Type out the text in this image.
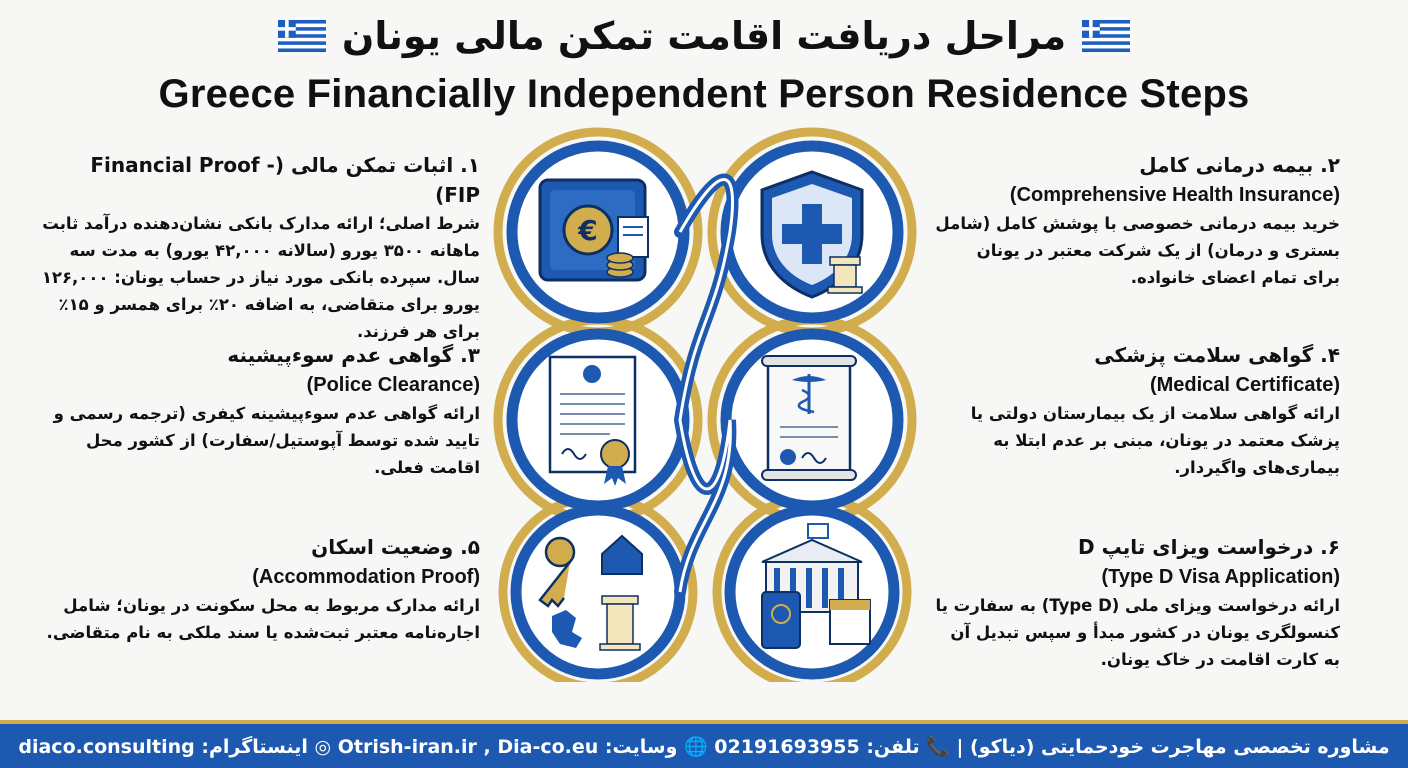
مراحل دریافت اقامت تمکن مالی یونان
Greece Financially Independent Person Residence Steps
۱. اثبات تمکن مالی (Financial Proof - FIP)
شرط اصلی؛ ارائه مدارک بانکی نشان‌دهنده درآمد ثابت ماهانه ۳۵۰۰ یورو (سالانه ۴۲,۰۰۰ یورو) به مدت سه سال. سپرده بانکی مورد نیاز در حساب یونان: ۱۲۶,۰۰۰ یورو برای متقاضی، به اضافه ۲۰٪ برای همسر و ۱۵٪ برای هر فرزند.
۳. گواهی عدم سوءپیشینه
(Police Clearance)
ارائه گواهی عدم سوءپیشینه کیفری (ترجمه رسمی و تایید شده توسط آپوستیل/سفارت) از کشور محل اقامت فعلی.
۵. وضعیت اسکان
(Accommodation Proof)
ارائه مدارک مربوط به محل سکونت در یونان؛ شامل اجاره‌نامه معتبر ثبت‌شده یا سند ملکی به نام متقاضی.
۲. بیمه درمانی کامل
(Comprehensive Health Insurance)
خرید بیمه درمانی خصوصی با پوشش کامل (شامل بستری و درمان) از یک شرکت معتبر در یونان برای تمام اعضای خانواده.
۴. گواهی سلامت پزشکی
(Medical Certificate)
ارائه گواهی سلامت از یک بیمارستان دولتی یا پزشک معتمد در یونان، مبنی بر عدم ابتلا به بیماری‌های واگیردار.
۶. درخواست ویزای تایپ D
(Type D Visa Application)
ارائه درخواست ویزای ملی (Type D) به سفارت یا کنسولگری یونان در کشور مبدأ و سپس تبدیل آن به کارت اقامت در خاک یونان.
€
مشاوره تخصصی مهاجرت خودحمایتی (دیاکو) | 📞 تلفن: 02191693955 🌐 وسایت: Otrish-iran.ir , Dia-co.eu ◎ اینستاگرام: diaco.consulting
